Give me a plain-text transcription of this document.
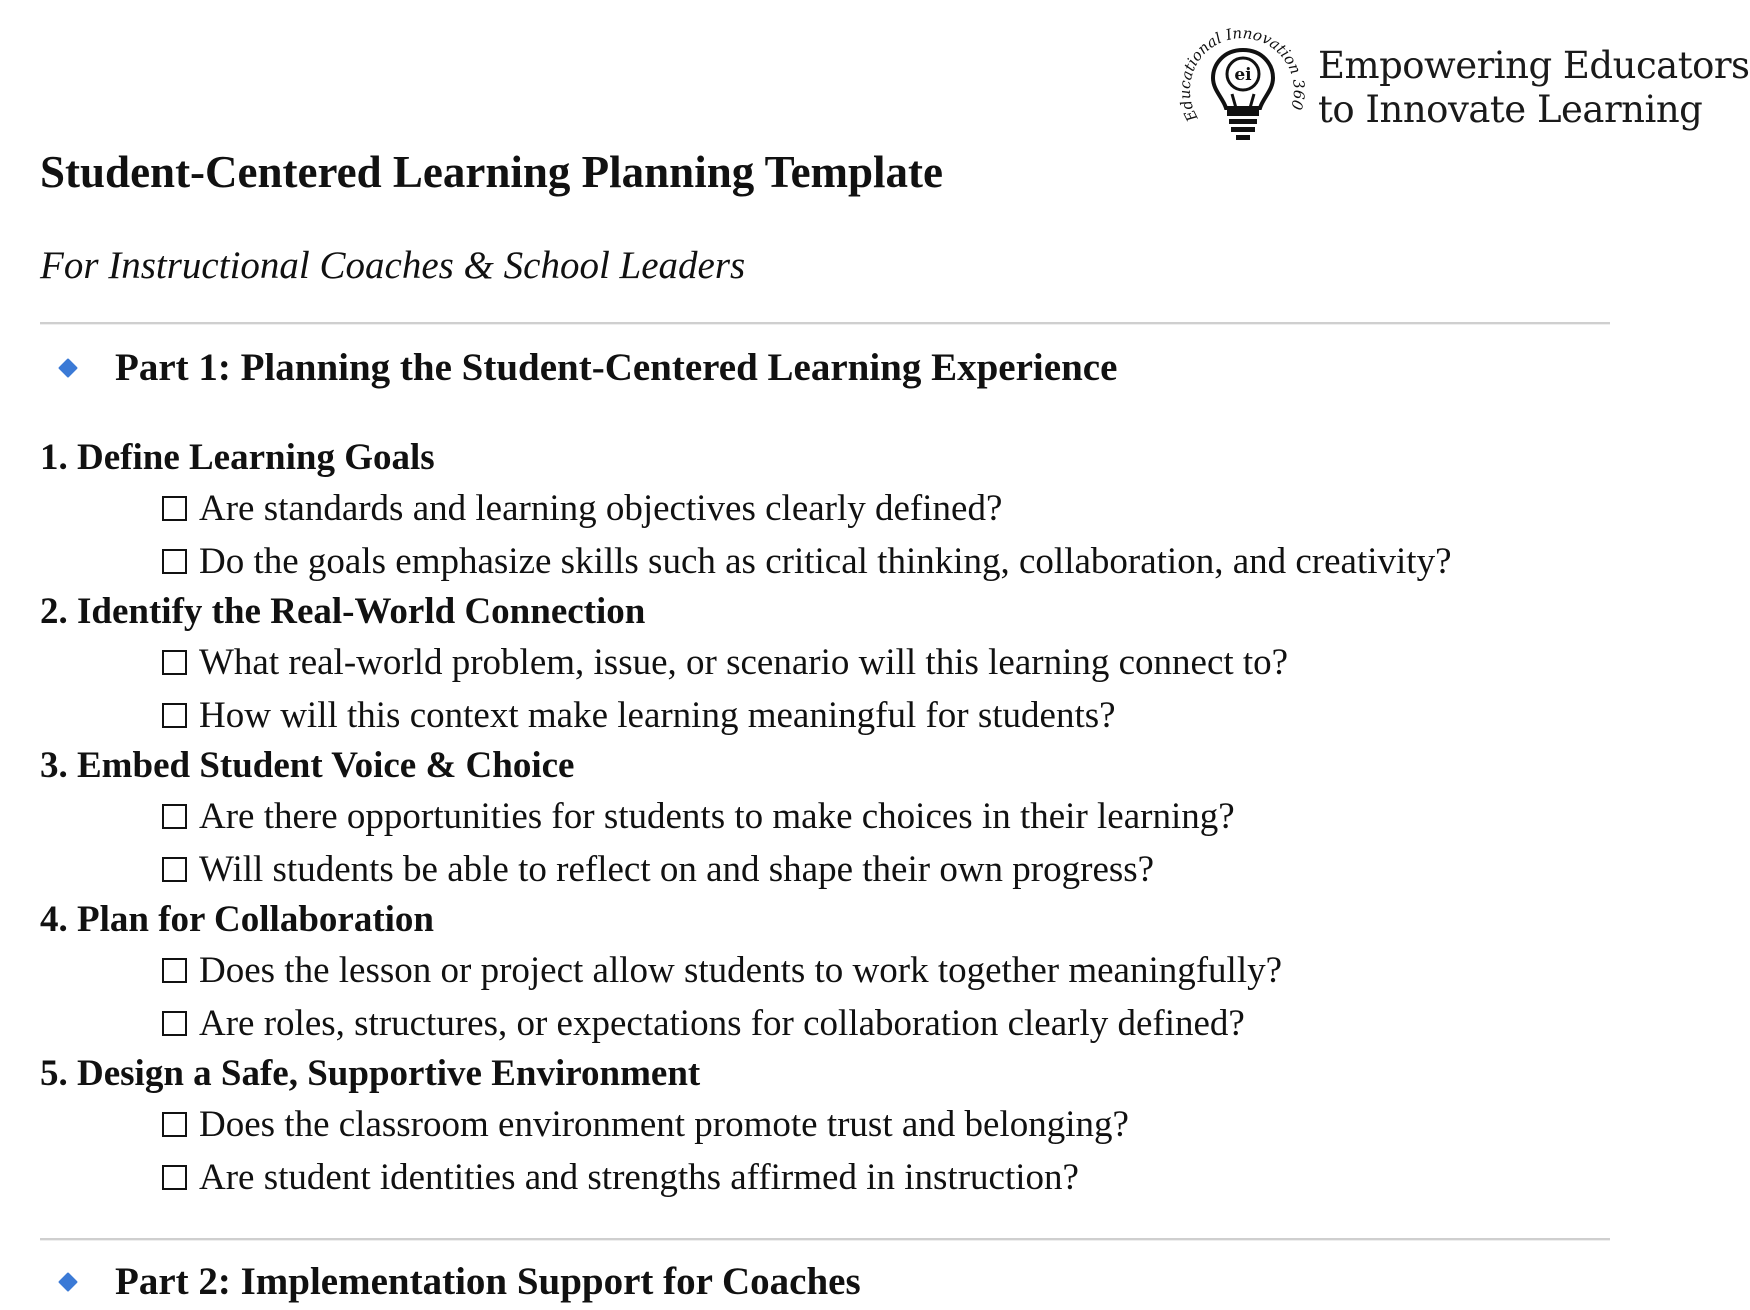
Educational Innovation 360
ei Empowering Educators
to Innovate Learning
Student-Centered Learning Planning Template
For Instructional Coaches & School Leaders
Part 1: Planning the Student-Centered Learning Experience
1. Define Learning Goals
Are standards and learning objectives clearly defined?
Do the goals emphasize skills such as critical thinking, collaboration, and creativity?
2. Identify the Real-World Connection
What real-world problem, issue, or scenario will this learning connect to?
How will this context make learning meaningful for students?
3. Embed Student Voice & Choice
Are there opportunities for students to make choices in their learning?
Will students be able to reflect on and shape their own progress?
4. Plan for Collaboration
Does the lesson or project allow students to work together meaningfully?
Are roles, structures, or expectations for collaboration clearly defined?
5. Design a Safe, Supportive Environment
Does the classroom environment promote trust and belonging?
Are student identities and strengths affirmed in instruction?
Part 2: Implementation Support for Coaches
